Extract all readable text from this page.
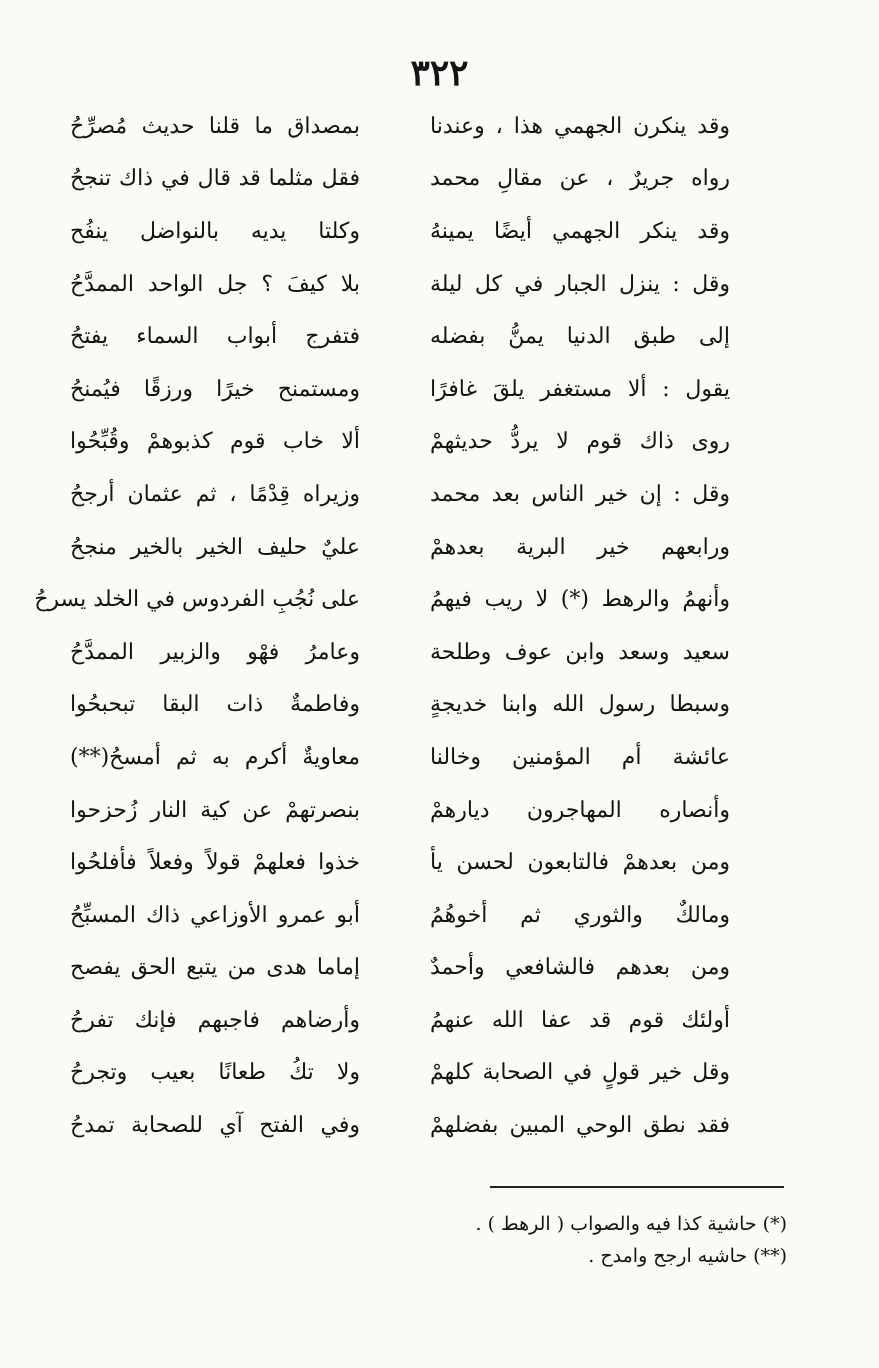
٣٢٢
وقد ينكرن الجهمي هذا ، وعندنا
بمصداق ما قلنا حديث مُصرِّحُ
رواه جريرٌ ، عن مقالِ محمد
فقل مثلما قد قال في ذاك تنجحُ
وقد ينكر الجهمي أيضًا يمينهُ
وكلتا يديه بالنواضل ينفُح
وقل : ينزل الجبار في كل ليلة
بلا كيفَ ؟ جل الواحد الممدَّحُ
إلى طبق الدنيا يمنُّ بفضله
فتفرج أبواب السماء يفتحُ
يقول : ألا مستغفر يلقَ غافرًا
ومستمنح خيرًا ورزقًا فيُمنحُ
روى ذاك قوم لا يردُّ حديثهمْ
ألا خاب قوم كذبوهمْ وقُبِّحُوا
وقل : إن خير الناس بعد محمد
وزيراه قِدْمًا ، ثم عثمان أرجحُ
ورابعهم خير البرية بعدهمْ
عليٌ حليف الخير بالخير منجحُ
وأنهمُ والرهط (*) لا ريب فيهمُ
على نُجُبِ الفردوس في الخلد يسرحُ
سعيد وسعد وابن عوف وطلحة
وعامرُ فهْو والزبير الممدَّحُ
وسبطا رسول الله وابنا خديجةٍ
وفاطمةٌ ذات البقا تبحبحُوا
عائشة أم المؤمنين وخالنا
معاويةٌ أكرم به ثم أمسحُ(**)
وأنصاره المهاجرون ديارهمْ
بنصرتهمْ عن كية النار زُحزحوا
ومن بعدهمْ فالتابعون لحسن يأ
خذوا فعلهمْ قولاً وفعلاً فأفلحُوا
ومالكٌ والثوري ثم أخوهُمُ
أبو عمرو الأوزاعي ذاك المسبِّحُ
ومن بعدهم فالشافعي وأحمدٌ
إماما هدى من يتبع الحق يفصح
أولئك قوم قد عفا الله عنهمُ
وأرضاهم فاجبهم فإنك تفرحُ
وقل خير قولٍ في الصحابة كلهمْ
ولا تكُ طعانًا بعيب وتجرحُ
فقد نطق الوحي المبين بفضلهمْ
وفي الفتح آي للصحابة تمدحُ
(*)حاشية كذا فيه والصواب ( الرهط ) .
(**)حاشيه ارجح وامدح .
